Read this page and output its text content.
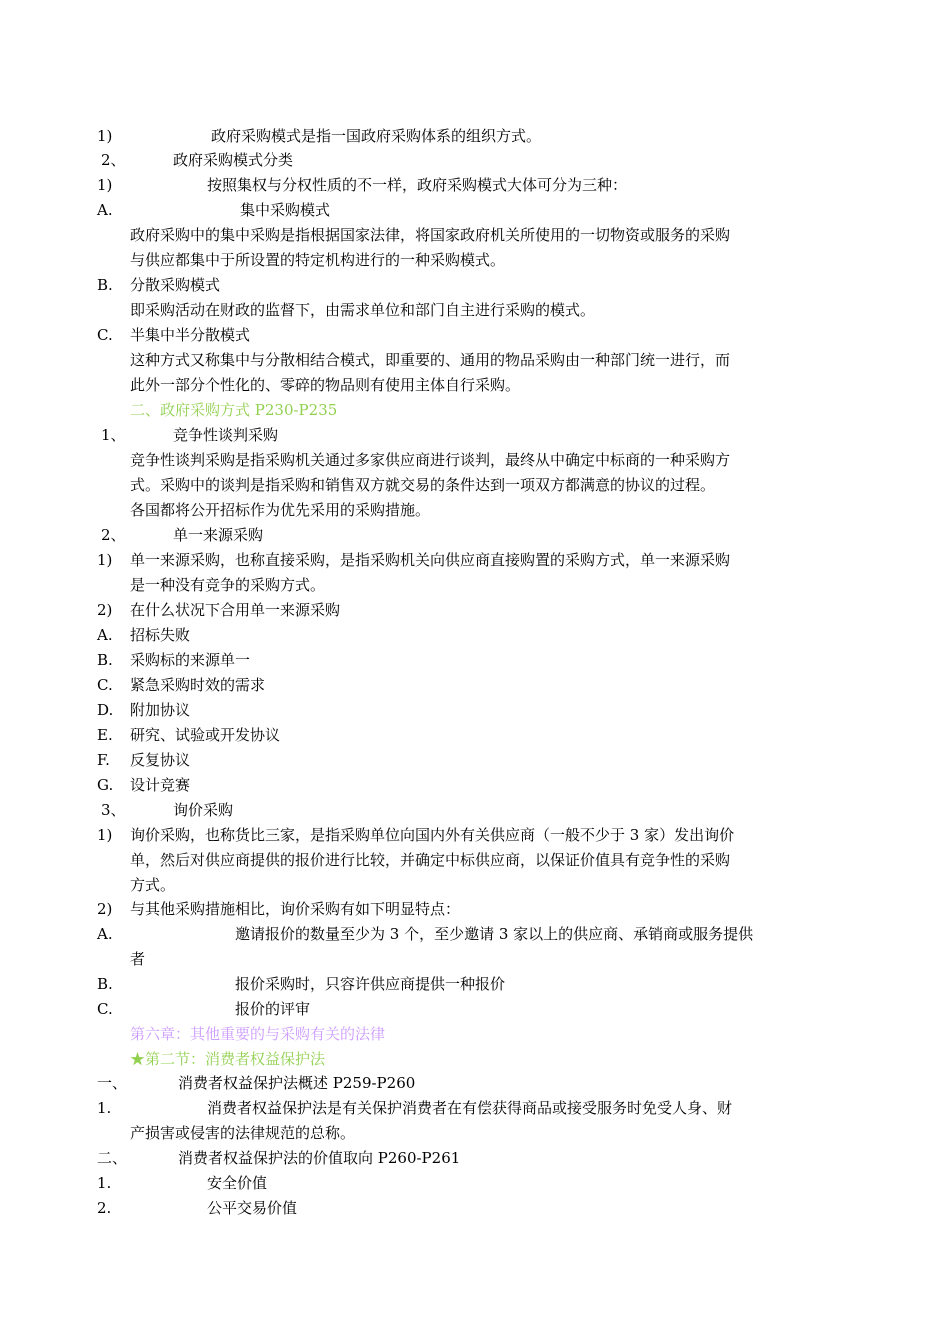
1)	政府采购模式是指一国政府采购体系的组织方式。
2、	政府采购模式分类
1)	按照集权与分权性质的不一样，政府采购模式大体可分为三种：
A.	集中采购模式
政府采购中的集中采购是指根据国家法律，将国家政府机关所使用的一切物资或服务的采购
与供应都集中于所设置的特定机构进行的一种采购模式。
B. 分散采购模式
即采购活动在财政的监督下，由需求单位和部门自主进行采购的模式。
C. 半集中半分散模式
这种方式又称集中与分散相结合模式，即重要的、通用的物品采购由一种部门统一进行，而
此外一部分个性化的、零碎的物品则有使用主体自行采购。
二、政府采购方式 P230-P235
1、	竞争性谈判采购
竞争性谈判采购是指采购机关通过多家供应商进行谈判，最终从中确定中标商的一种采购方
式。采购中的谈判是指采购和销售双方就交易的条件达到一项双方都满意的协议的过程。
各国都将公开招标作为优先采用的采购措施。
2、	单一来源采购
1) 单一来源采购，也称直接采购，是指采购机关向供应商直接购置的采购方式，单一来源采购
是一种没有竞争的采购方式。
2) 在什么状况下合用单一来源采购
A. 招标失败
B. 采购标的来源单一
C. 紧急采购时效的需求
D. 附加协议
E. 研究、试验或开发协议
F. 反复协议
G. 设计竞赛
3、	询价采购
1) 询价采购，也称货比三家，是指采购单位向国内外有关供应商（一般不少于 3 家）发出询价
单，然后对供应商提供的报价进行比较，并确定中标供应商，以保证价值具有竞争性的采购
方式。
2) 与其他采购措施相比，询价采购有如下明显特点：
A.	邀请报价的数量至少为 3 个，至少邀请 3 家以上的供应商、承销商或服务提供
者
B.	报价采购时，只容许供应商提供一种报价
C.	报价的评审
第六章：其他重要的与采购有关的法律
★第二节：消费者权益保护法
一、	消费者权益保护法概述 P259-P260
1.	消费者权益保护法是有关保护消费者在有偿获得商品或接受服务时免受人身、财
产损害或侵害的法律规范的总称。
二、	消费者权益保护法的价值取向 P260-P261
1.	安全价值
2.	公平交易价值
